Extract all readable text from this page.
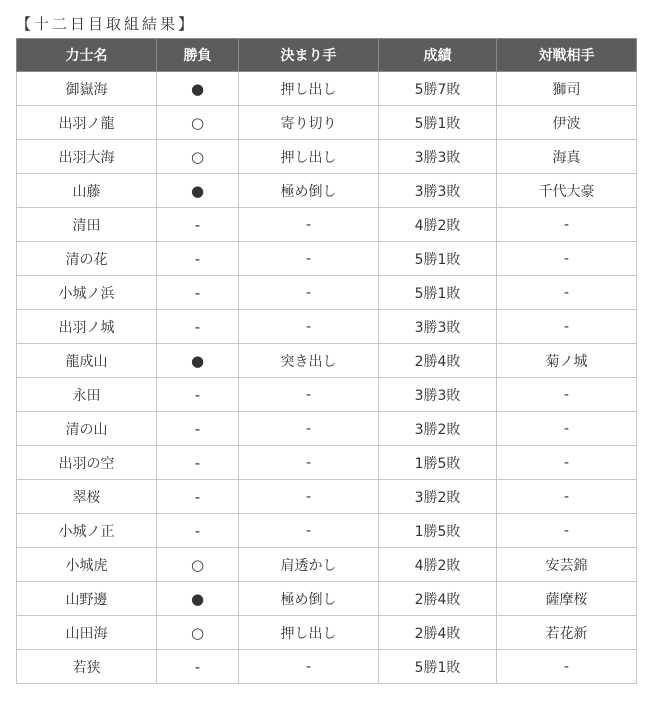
【十二日目取組結果】
力士名	勝負	決まり手	成績	対戦相手
御嶽海	●	押し出し	5勝7敗	獅司
出羽ノ龍	○	寄り切り	5勝1敗	伊波
出羽大海	○	押し出し	3勝3敗	海真
山藤	●	極め倒し	3勝3敗	千代大豪
清田	-	-	4勝2敗	-
清の花	-	-	5勝1敗	-
小城ノ浜	-	-	5勝1敗	-
出羽ノ城	-	-	3勝3敗	-
龍成山	●	突き出し	2勝4敗	菊ノ城
永田	-	-	3勝3敗	-
清の山	-	-	3勝2敗	-
出羽の空	-	-	1勝5敗	-
翠桜	-	-	3勝2敗	-
小城ノ正	-	-	1勝5敗	-
小城虎	○	肩透かし	4勝2敗	安芸錦
山野邊	●	極め倒し	2勝4敗	薩摩桜
山田海	○	押し出し	2勝4敗	若花新
若狭	-	-	5勝1敗	-
